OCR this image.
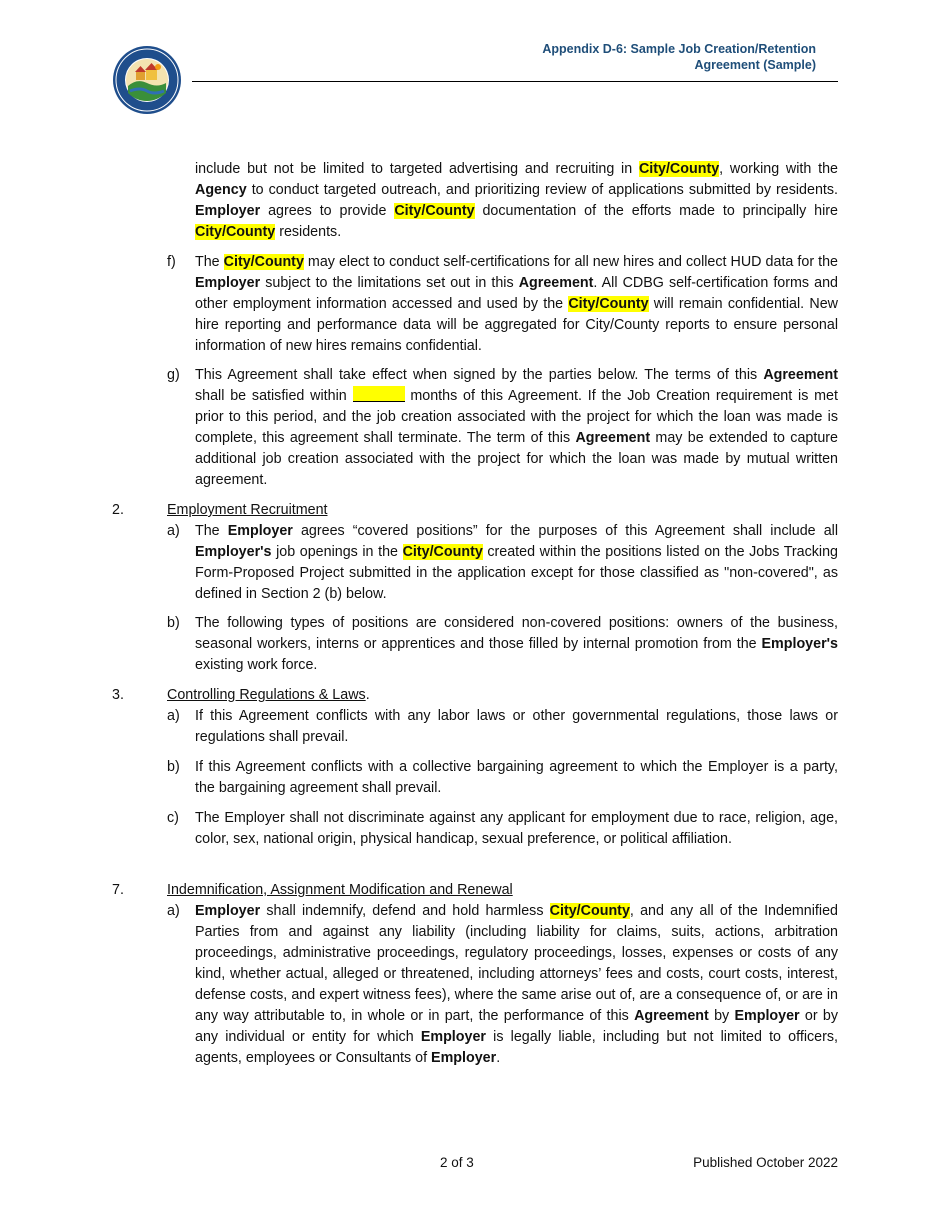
Appendix D-6: Sample Job Creation/Retention
Agreement (Sample)
include but not be limited to targeted advertising and recruiting in City/County, working with the Agency to conduct targeted outreach, and prioritizing review of applications submitted by residents. Employer agrees to provide City/County documentation of the efforts made to principally hire City/County residents.
f) The City/County may elect to conduct self-certifications for all new hires and collect HUD data for the Employer subject to the limitations set out in this Agreement. All CDBG self-certification forms and other employment information accessed and used by the City/County will remain confidential. New hire reporting and performance data will be aggregated for City/County reports to ensure personal information of new hires remains confidential.
g) This Agreement shall take effect when signed by the parties below. The terms of this Agreement shall be satisfied within	months of this Agreement. If the Job Creation requirement is met prior to this period, and the job creation associated with the project for which the loan was made is complete, this agreement shall terminate. The term of this Agreement may be extended to capture additional job creation associated with the project for which the loan was made by mutual written agreement.
2.	Employment Recruitment
a) The Employer agrees “covered positions” for the purposes of this Agreement shall include all Employer's job openings in the City/County created within the positions listed on the Jobs Tracking Form-Proposed Project submitted in the application except for those classified as "non-covered", as defined in Section 2 (b) below.
b) The following types of positions are considered non-covered positions: owners of the business, seasonal workers, interns or apprentices and those filled by internal promotion from the Employer's existing work force.
3.	Controlling Regulations & Laws.
a) If this Agreement conflicts with any labor laws or other governmental regulations, those laws or regulations shall prevail.
b) If this Agreement conflicts with a collective bargaining agreement to which the Employer is a party, the bargaining agreement shall prevail.
c) The Employer shall not discriminate against any applicant for employment due to race, religion, age, color, sex, national origin, physical handicap, sexual preference, or political affiliation.
7.	Indemnification, Assignment Modification and Renewal
a) Employer shall indemnify, defend and hold harmless City/County, and any all of the Indemnified Parties from and against any liability (including liability for claims, suits, actions, arbitration proceedings, administrative proceedings, regulatory proceedings, losses, expenses or costs of any kind, whether actual, alleged or threatened, including attorneys’ fees and costs, court costs, interest, defense costs, and expert witness fees), where the same arise out of, are a consequence of, or are in any way attributable to, in whole or in part, the performance of this Agreement by Employer or by any individual or entity for which Employer is legally liable, including but not limited to officers, agents, employees or Consultants of Employer.
2 of 3	Published October 2022
